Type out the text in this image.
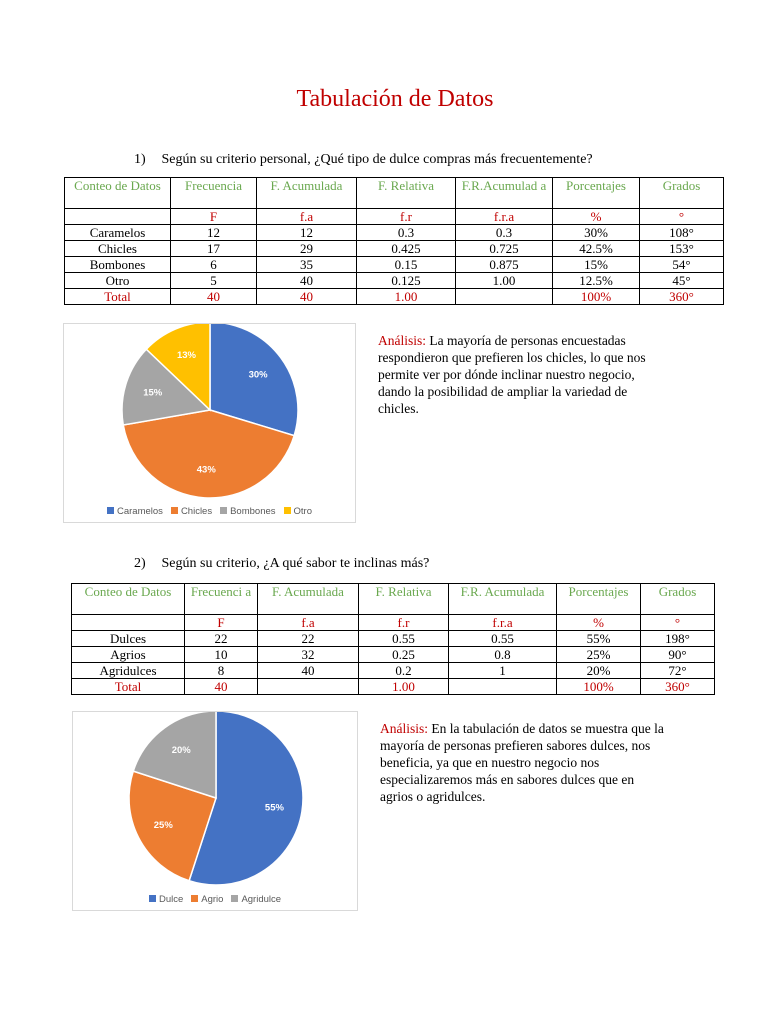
Tabulación de Datos
1) Según su criterio personal, ¿Qué tipo de dulce compras más frecuentemente?
Conteo de Datos	Frecuencia	F. Acumulada	F. Relativa	F.R.Acumulad a	Porcentajes	Grados
	F	f.a	f.r	f.r.a	%	°
Caramelos	12	12	0.3	0.3	30%	108°
Chicles	17	29	0.425	0.725	42.5%	153°
Bombones	6	35	0.15	0.875	15%	54°
Otro	5	40	0.125	1.00	12.5%	45°
Total	40	40	1.00		100%	360°
30%
43%
15%
13%
Caramelos Chicles Bombones Otro
Análisis: La mayoría de personas encuestadas respondieron que prefieren los chicles, lo que nos permite ver por dónde inclinar nuestro negocio, dando la posibilidad de ampliar la variedad de chicles.
2) Según su criterio, ¿A qué sabor te inclinas más?
Conteo de Datos	Frecuenci a	F. Acumulada	F. Relativa	F.R. Acumulada	Porcentajes	Grados
	F	f.a	f.r	f.r.a	%	°
Dulces	22	22	0.55	0.55	55%	198°
Agrios	10	32	0.25	0.8	25%	90°
Agridulces	8	40	0.2	1	20%	72°
Total	40		1.00		100%	360°
55%
25%
20%
Dulce Agrio Agridulce
Análisis: En la tabulación de datos se muestra que la mayoría de personas prefieren sabores dulces, nos beneficia, ya que en nuestro negocio nos especializaremos más en sabores dulces que en agrios o agridulces.
